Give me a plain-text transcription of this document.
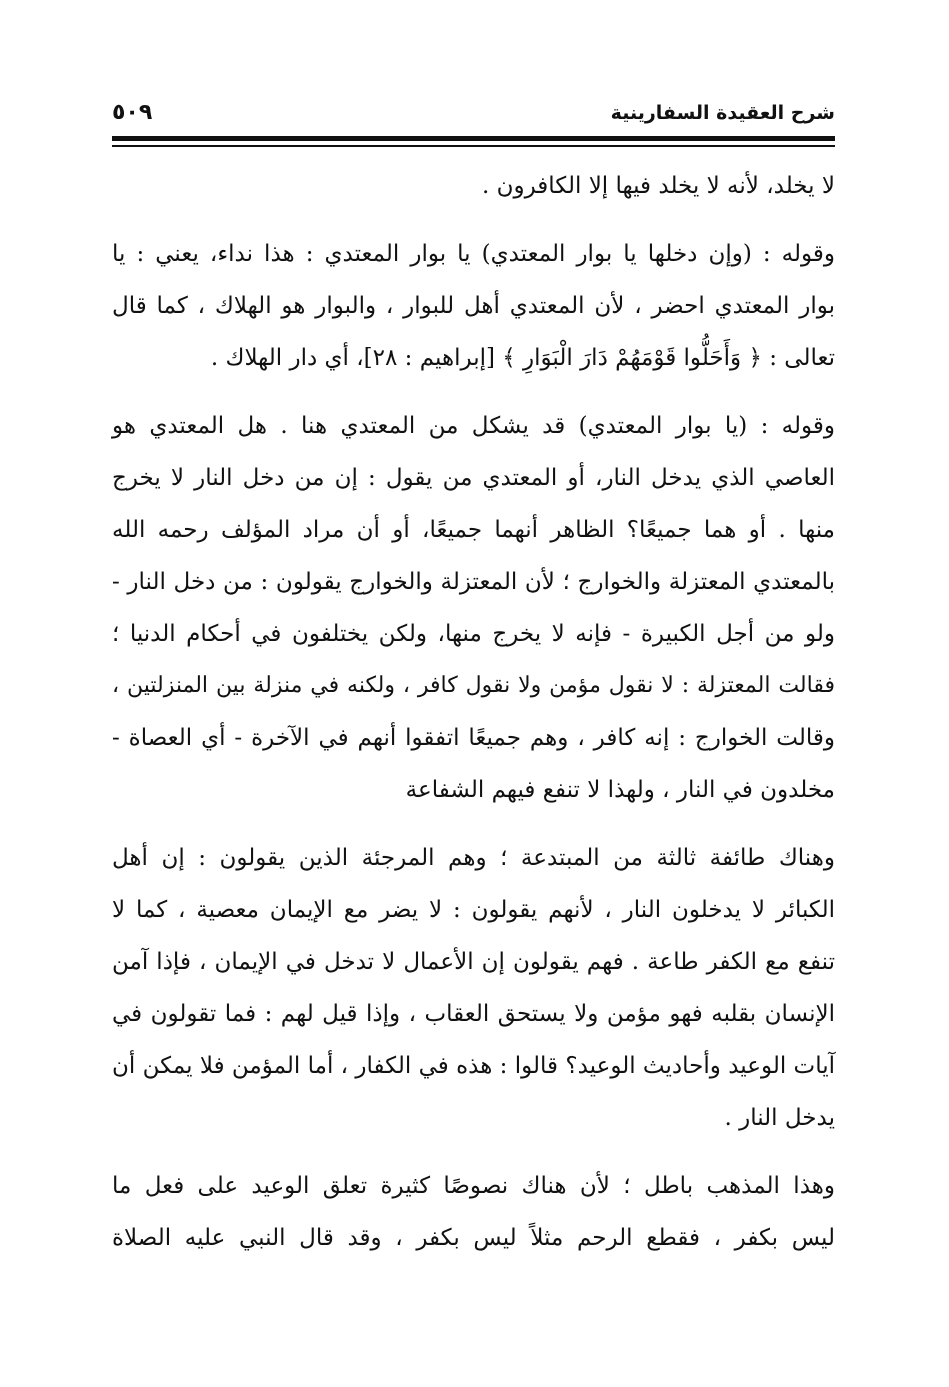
شرح العقيدة السفارينية
٥٠٩
لا يخلد، لأنه لا يخلد فيها إلا الكافرون .
وقوله : (وإن دخلها يا بوار المعتدي) يا بوار المعتدي : هذا نداء، يعني : يا
بوار المعتدي احضر ، لأن المعتدي أهل للبوار ، والبوار هو الهلاك ، كما قال
تعالى : ﴿ وَأَحَلُّوا قَوْمَهُمْ دَارَ الْبَوَارِ ﴾ [إبراهيم : ٢٨]، أي دار الهلاك .
وقوله : (يا بوار المعتدي) قد يشكل من المعتدي هنا . هل المعتدي هو
العاصي الذي يدخل النار، أو المعتدي من يقول : إن من دخل النار لا يخرج
منها . أو هما جميعًا؟ الظاهر أنهما جميعًا، أو أن مراد المؤلف رحمه الله
بالمعتدي المعتزلة والخوارج ؛ لأن المعتزلة والخوارج يقولون : من دخل النار -
ولو من أجل الكبيرة - فإنه لا يخرج منها، ولكن يختلفون في أحكام الدنيا ؛
فقالت المعتزلة : لا نقول مؤمن ولا نقول كافر ، ولكنه في منزلة بين المنزلتين ،
وقالت الخوارج : إنه كافر ، وهم جميعًا اتفقوا أنهم في الآخرة - أي العصاة -
مخلدون في النار ، ولهذا لا تنفع فيهم الشفاعة
وهناك طائفة ثالثة من المبتدعة ؛ وهم المرجئة الذين يقولون : إن أهل
الكبائر لا يدخلون النار ، لأنهم يقولون : لا يضر مع الإيمان معصية ، كما لا
تنفع مع الكفر طاعة . فهم يقولون إن الأعمال لا تدخل في الإيمان ، فإذا آمن
الإنسان بقلبه فهو مؤمن ولا يستحق العقاب ، وإذا قيل لهم : فما تقولون في
آيات الوعيد وأحاديث الوعيد؟ قالوا : هذه في الكفار ، أما المؤمن فلا يمكن أن
يدخل النار .
وهذا المذهب باطل ؛ لأن هناك نصوصًا كثيرة تعلق الوعيد على فعل ما
ليس بكفر ، فقطع الرحم مثلاً ليس بكفر ، وقد قال النبي عليه الصلاة
